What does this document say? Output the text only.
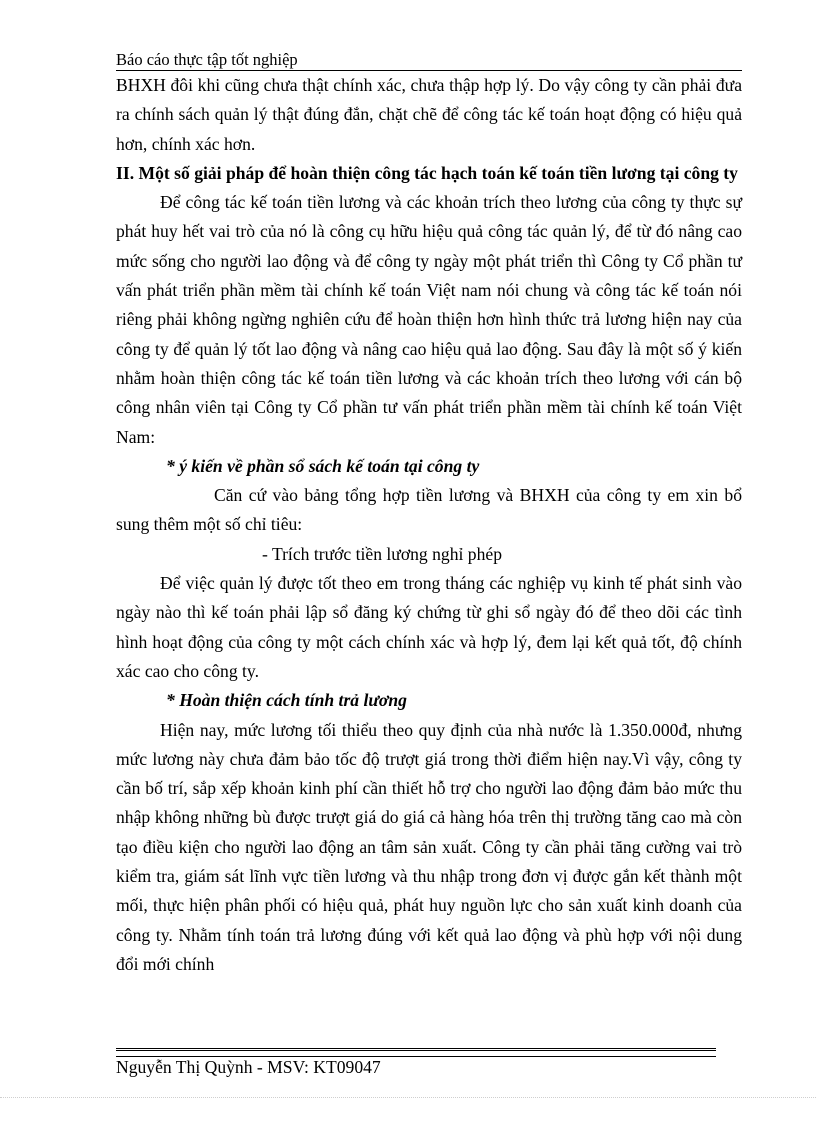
Báo cáo thực tập tốt nghiệp

BHXH đôi khi cũng chưa thật chính xác, chưa thập hợp lý. Do vậy công ty cần phải đưa ra chính sách quản lý thật đúng đắn, chặt chẽ để công tác kế toán hoạt động có hiệu quả hơn, chính xác hơn.

II. Một số giải pháp để hoàn thiện công tác hạch toán kế toán tiền lương tại công ty

Để công tác kế toán tiền lương và các khoản trích theo lương của công ty thực sự phát huy hết vai trò của nó là công cụ hữu hiệu quả công tác quản lý, để từ đó nâng cao mức sống cho người lao động và để công ty ngày một phát triển thì Công ty Cổ phần tư vấn phát triển phần mềm tài chính kế toán Việt nam nói chung và công tác kế toán nói riêng phải không ngừng nghiên cứu để hoàn thiện hơn hình thức trả lương hiện nay của công ty để quản lý tốt lao động và nâng cao hiệu quả lao động. Sau đây là một số ý kiến nhằm hoàn thiện công tác kế toán tiền lương và các khoản trích theo lương với cán bộ công nhân viên tại Công ty Cổ phần tư vấn phát triển phần mềm tài chính kế toán Việt Nam:

* ý kiến về phần sổ sách kế toán tại công ty

Căn cứ vào bảng tổng hợp tiền lương và BHXH của công ty em xin bổ sung thêm một số chỉ tiêu:

- Trích trước tiền lương nghỉ phép

Để việc quản lý được tốt theo em trong tháng các nghiệp vụ kinh tế phát sinh vào ngày nào thì kế toán phải lập sổ đăng ký chứng từ ghi sổ ngày đó để theo dõi các tình hình hoạt động của công ty một cách chính xác và hợp lý, đem lại kết quả tốt, độ chính xác cao cho công ty.

* Hoàn thiện cách tính trả lương

Hiện nay, mức lương tối thiểu theo quy định của nhà nước là 1.350.000đ, nhưng mức lương này chưa đảm bảo tốc độ trượt giá trong thời điểm hiện nay.Vì vậy, công ty cần bố trí, sắp xếp khoản kinh phí cần thiết hỗ trợ cho người lao động đảm bảo mức thu nhập không những bù được trượt giá do giá cả hàng hóa trên thị trường tăng cao mà còn tạo điều kiện cho người lao động an tâm sản xuất. Công ty cần phải tăng cường vai trò kiểm tra, giám sát lĩnh vực tiền lương và thu nhập trong đơn vị được gắn kết thành một mối, thực hiện phân phối có hiệu quả, phát huy nguồn lực cho sản xuất kinh doanh của công ty. Nhằm tính toán trả lương đúng với kết quả lao động và phù hợp với nội dung đổi mới chính

Nguyễn Thị Quỳnh - MSV: KT09047
